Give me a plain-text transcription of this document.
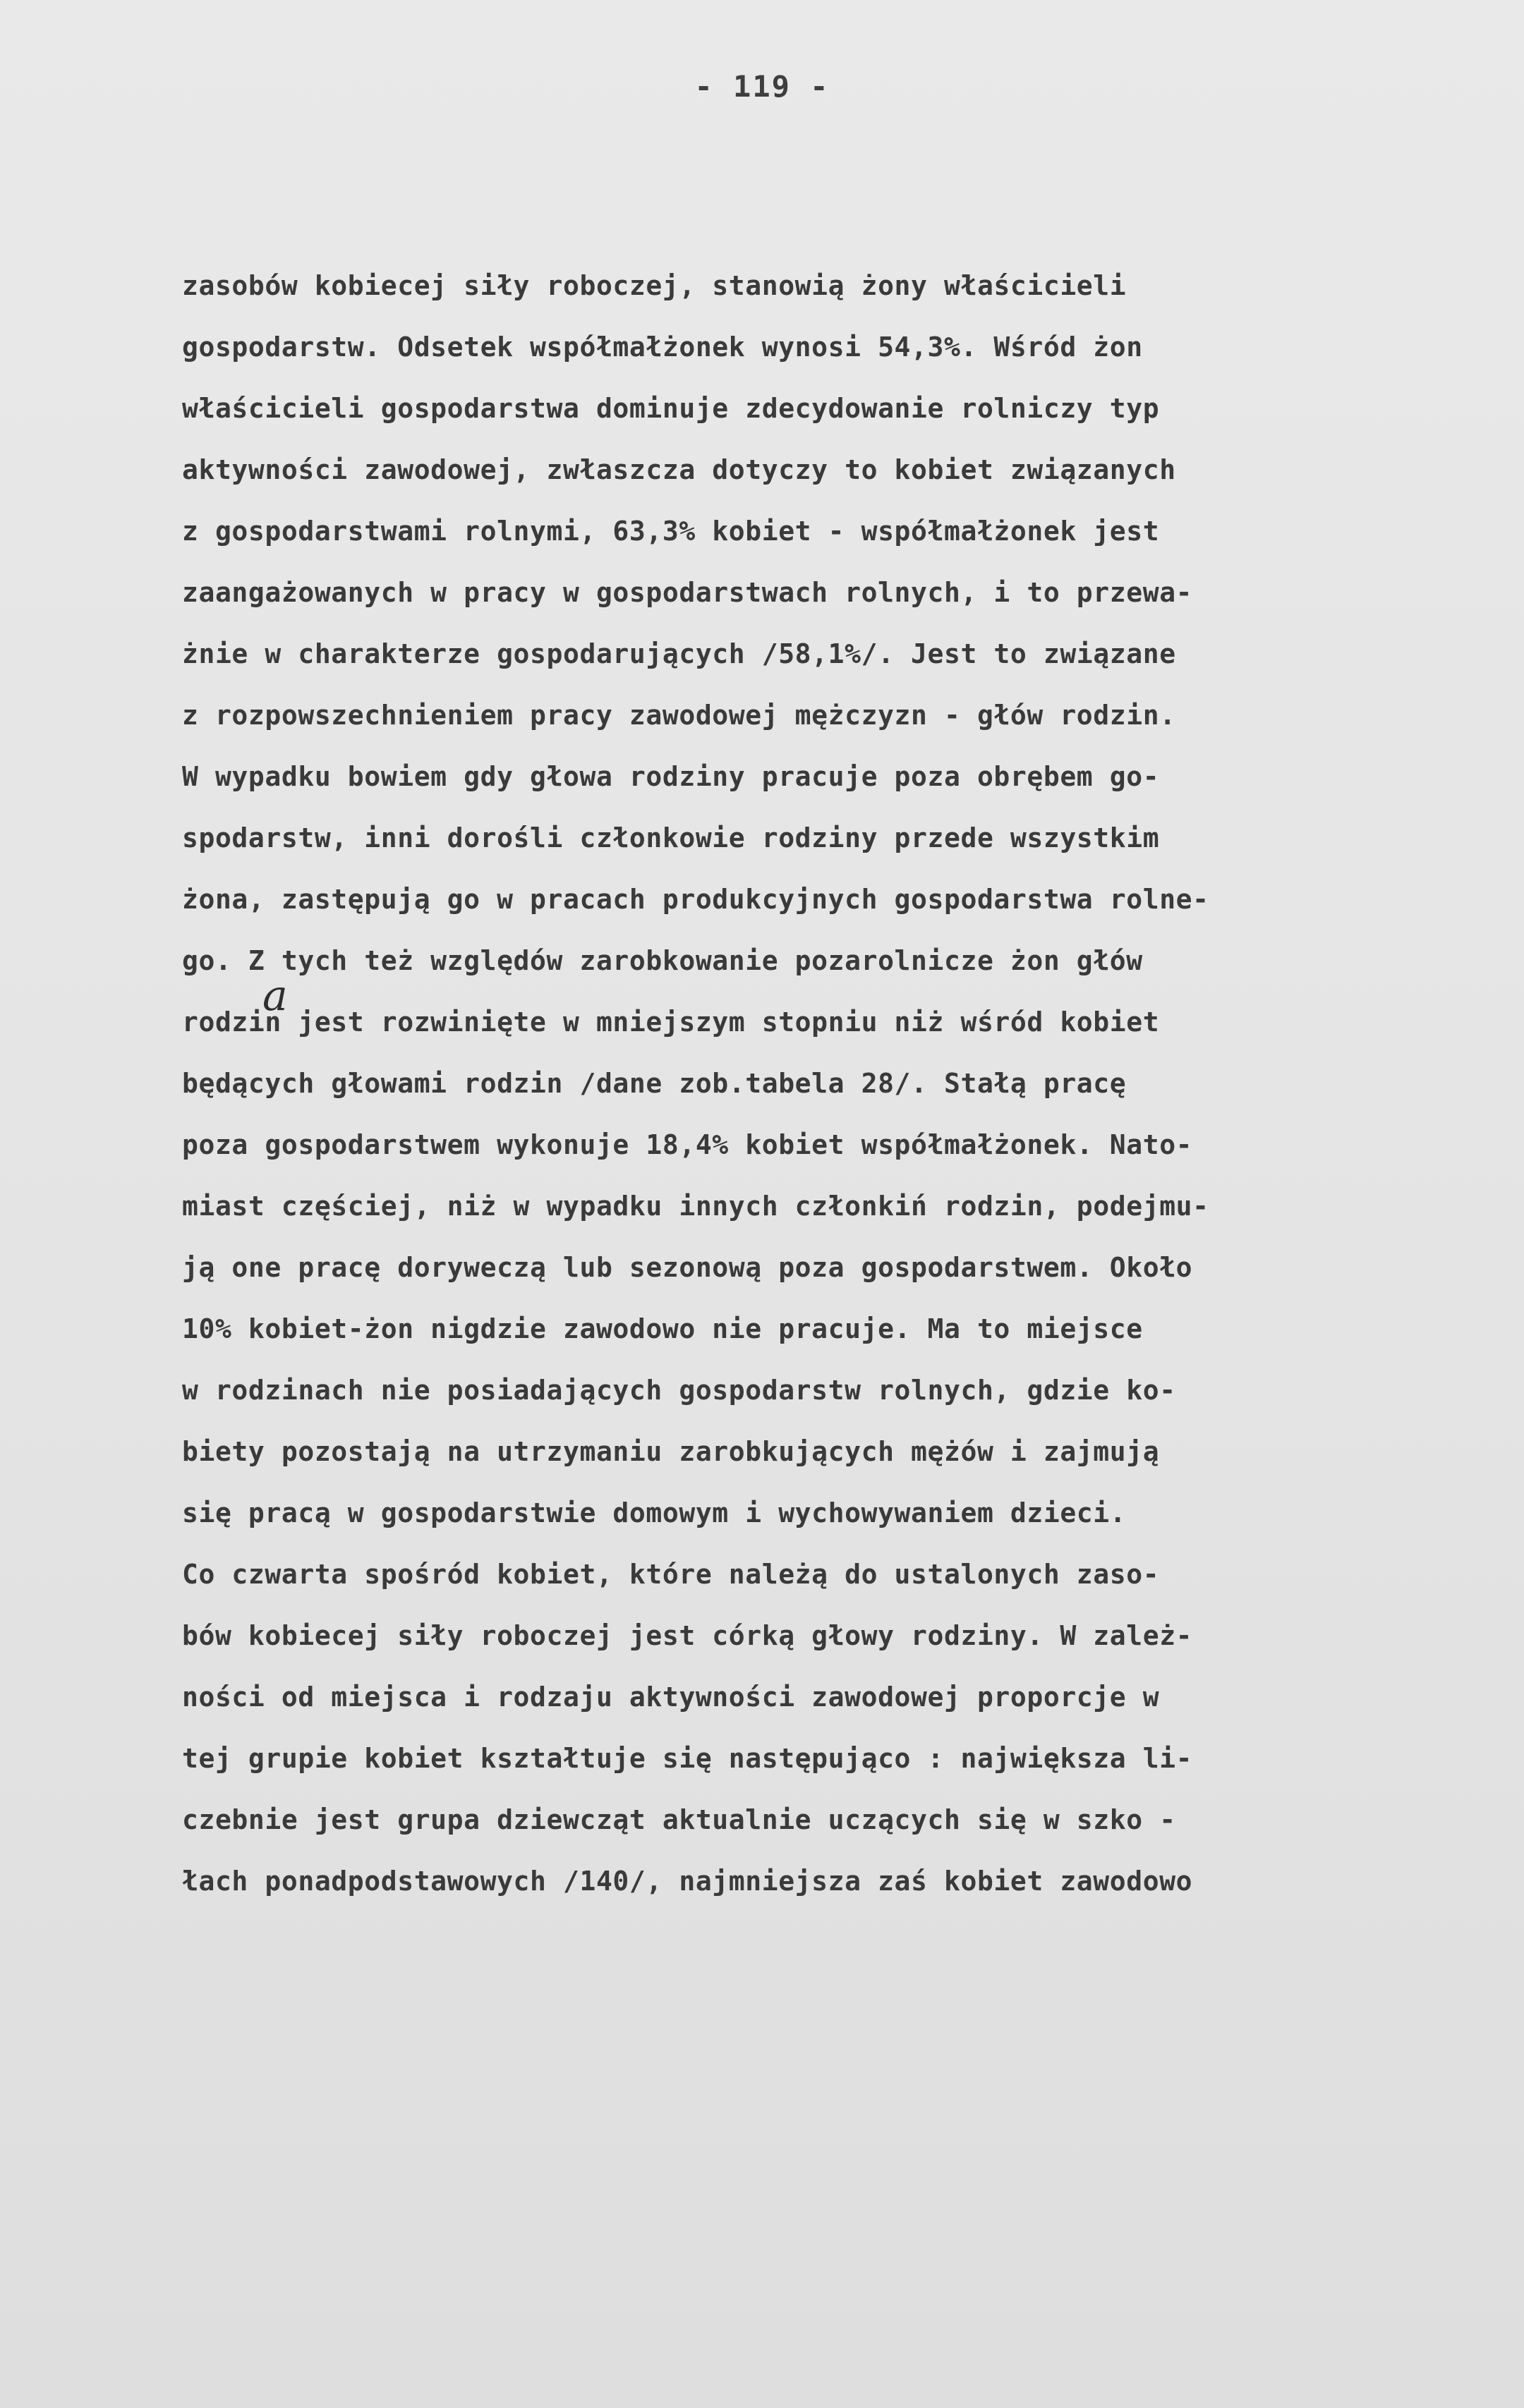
- 119 -
zasobów kobiecej siły roboczej, stanowią żony właścicieli
gospodarstw. Odsetek współmałżonek wynosi 54,3%. Wśród żon
właścicieli gospodarstwa dominuje zdecydowanie rolniczy typ
aktywności zawodowej, zwłaszcza dotyczy to kobiet związanych
z gospodarstwami rolnymi, 63,3% kobiet - współmałżonek jest
zaangażowanych w pracy w gospodarstwach rolnych, i to przewa-
żnie w charakterze gospodarujących /58,1%/. Jest to związane
z rozpowszechnieniem pracy zawodowej mężczyzn - głów rodzin.
W wypadku bowiem gdy głowa rodziny pracuje poza obrębem go-
spodarstw, inni dorośli członkowie rodziny przede wszystkim
żona, zastępują go w pracach produkcyjnych gospodarstwa rolne-
go. Z tych też względów zarobkowanie pozarolnicze żon głów
rodzin jest rozwinięte w mniejszym stopniu niż wśród kobiet
będących głowami rodzin /dane zob.tabela 28/. Stałą pracę
poza gospodarstwem wykonuje 18,4% kobiet współmałżonek. Nato-
miast częściej, niż w wypadku innych członkiń rodzin, podejmu-
ją one pracę doryweczą lub sezonową poza gospodarstwem. Około
10% kobiet-żon nigdzie zawodowo nie pracuje. Ma to miejsce
w rodzinach nie posiadających gospodarstw rolnych, gdzie ko-
biety pozostają na utrzymaniu zarobkujących mężów i zajmują
się pracą w gospodarstwie domowym i wychowywaniem dzieci.
Co czwarta spośród kobiet, które należą do ustalonych zaso-
bów kobiecej siły roboczej jest córką głowy rodziny. W zależ-
ności od miejsca i rodzaju aktywności zawodowej proporcje w
tej grupie kobiet kształtuje się następująco : największa li-
czebnie jest grupa dziewcząt aktualnie uczących się w szko -
łach ponadpodstawowych /140/, najmniejsza zaś kobiet zawodowo
a
